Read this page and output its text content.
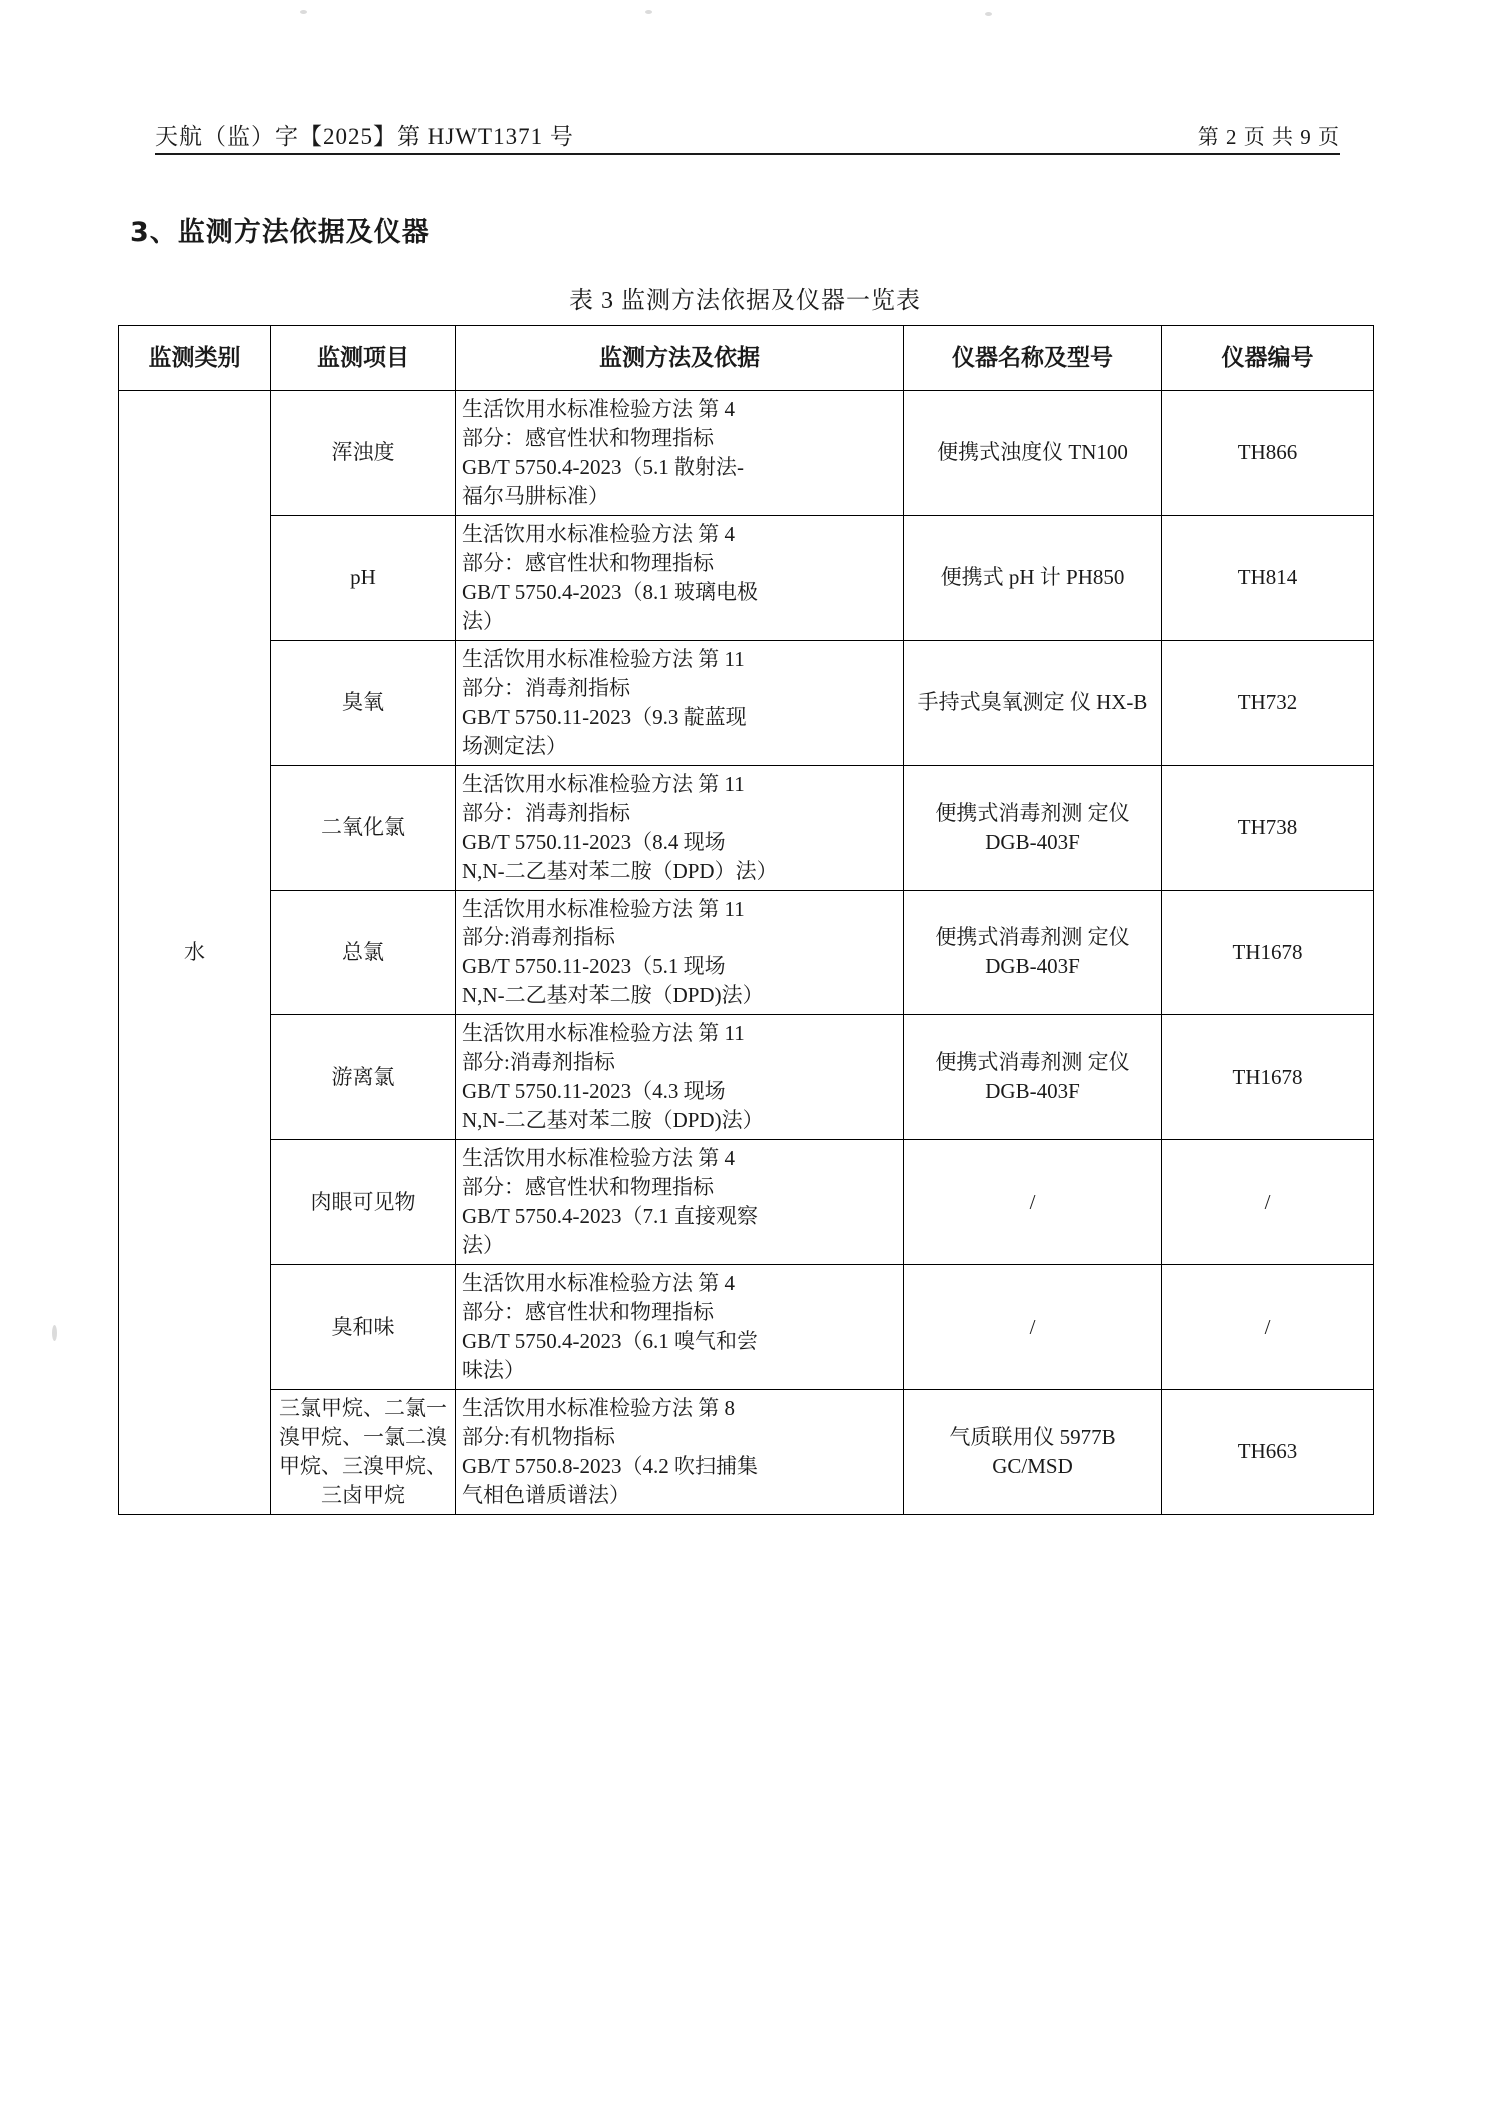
天航（监）字【2025】第 HJWT1371 号	第 2 页 共 9 页
3、监测方法依据及仪器
表 3 监测方法依据及仪器一览表
监测类别	监测项目	监测方法及依据	仪器名称及型号	仪器编号
水	浑浊度	生活饮用水标准检验方法 第 4
部分：感官性状和物理指标
GB/T 5750.4-2023（5.1 散射法-
福尔马肼标准）	便携式浊度仪 TN100	TH866
	pH	生活饮用水标准检验方法 第 4
部分：感官性状和物理指标
GB/T 5750.4-2023（8.1 玻璃电极
法）	便携式 pH 计 PH850	TH814
	臭氧	生活饮用水标准检验方法 第 11
部分：消毒剂指标
GB/T 5750.11-2023（9.3 靛蓝现
场测定法）	手持式臭氧测定 仪 HX-B	TH732
	二氧化氯	生活饮用水标准检验方法 第 11
部分：消毒剂指标
GB/T 5750.11-2023（8.4 现场
N,N-二乙基对苯二胺（DPD）法）	便携式消毒剂测 定仪 DGB-403F	TH738
	总氯	生活饮用水标准检验方法 第 11
部分:消毒剂指标
GB/T 5750.11-2023（5.1 现场
N,N-二乙基对苯二胺（DPD)法）	便携式消毒剂测 定仪 DGB-403F	TH1678
	游离氯	生活饮用水标准检验方法 第 11
部分:消毒剂指标
GB/T 5750.11-2023（4.3 现场
N,N-二乙基对苯二胺（DPD)法）	便携式消毒剂测 定仪 DGB-403F	TH1678
	肉眼可见物	生活饮用水标准检验方法 第 4
部分：感官性状和物理指标
GB/T 5750.4-2023（7.1 直接观察
法）	/	/
	臭和味	生活饮用水标准检验方法 第 4
部分：感官性状和物理指标
GB/T 5750.4-2023（6.1 嗅气和尝
味法）	/	/
	三氯甲烷、二氯一溴甲烷、一氯二溴甲烷、三溴甲烷、三卤甲烷	生活饮用水标准检验方法 第 8
部分:有机物指标
GB/T 5750.8-2023（4.2 吹扫捕集
气相色谱质谱法）	气质联用仪 5977B GC/MSD	TH663
